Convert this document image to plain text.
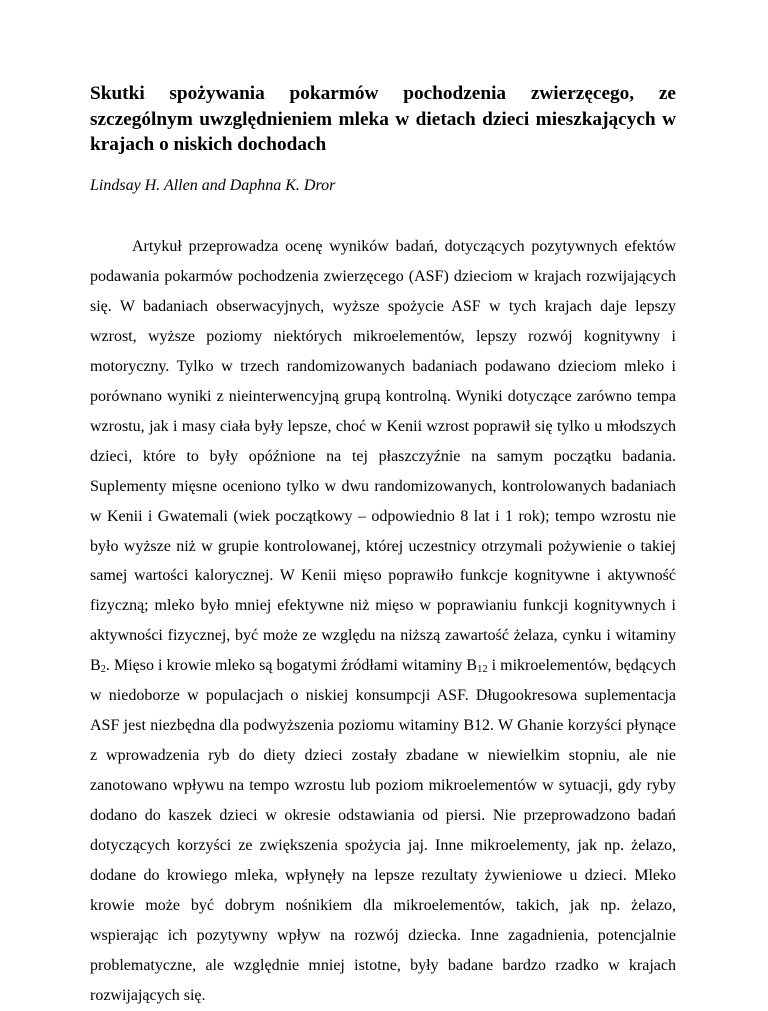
Skutki spożywania pokarmów pochodzenia zwierzęcego, ze szczególnym uwzględnieniem mleka w dietach dzieci mieszkających w krajach o niskich dochodach

Lindsay H. Allen and Daphna K. Dror

Artykuł przeprowadza ocenę wyników badań, dotyczących pozytywnych efektów podawania pokarmów pochodzenia zwierzęcego (ASF) dzieciom w krajach rozwijających się. W badaniach obserwacyjnych, wyższe spożycie ASF w tych krajach daje lepszy wzrost, wyższe poziomy niektórych mikroelementów, lepszy rozwój kognitywny i motoryczny. Tylko w trzech randomizowanych badaniach podawano dzieciom mleko i porównano wyniki z nieinterwencyjną grupą kontrolną. Wyniki dotyczące zarówno tempa wzrostu, jak i masy ciała były lepsze, choć w Kenii wzrost poprawił się tylko u młodszych dzieci, które to były opóźnione na tej płaszczyźnie na samym początku badania. Suplementy mięsne oceniono tylko w dwu randomizowanych, kontrolowanych badaniach w Kenii i Gwatemali (wiek początkowy – odpowiednio 8 lat i 1 rok); tempo wzrostu nie było wyższe niż w grupie kontrolowanej, której uczestnicy otrzymali pożywienie o takiej samej wartości kalorycznej. W Kenii mięso poprawiło funkcje kognitywne i aktywność fizyczną; mleko było mniej efektywne niż mięso w poprawianiu funkcji kognitywnych i aktywności fizycznej, być może ze względu na niższą zawartość żelaza, cynku i witaminy $B_2$. Mięso i krowie mleko są bogatymi źródłami witaminy $B_{12}$ i mikroelementów, będących w niedoborze w populacjach o niskiej konsumpcji ASF. Długookresowa suplementacja ASF jest niezbędna dla podwyższenia poziomu witaminy B12. W Ghanie korzyści płynące z wprowadzenia ryb do diety dzieci zostały zbadane w niewielkim stopniu, ale nie zanotowano wpływu na tempo wzrostu lub poziom mikroelementów w sytuacji, gdy ryby dodano do kaszek dzieci w okresie odstawiania od piersi. Nie przeprowadzono badań dotyczących korzyści ze zwiększenia spożycia jaj. Inne mikroelementy, jak np. żelazo, dodane do krowiego mleka, wpłynęły na lepsze rezultaty żywieniowe u dzieci. Mleko krowie może być dobrym nośnikiem dla mikroelementów, takich, jak np. żelazo, wspierając ich pozytywny wpływ na rozwój dziecka. Inne zagadnienia, potencjalnie problematyczne, ale względnie mniej istotne, były badane bardzo rzadko w krajach rozwijających się.
